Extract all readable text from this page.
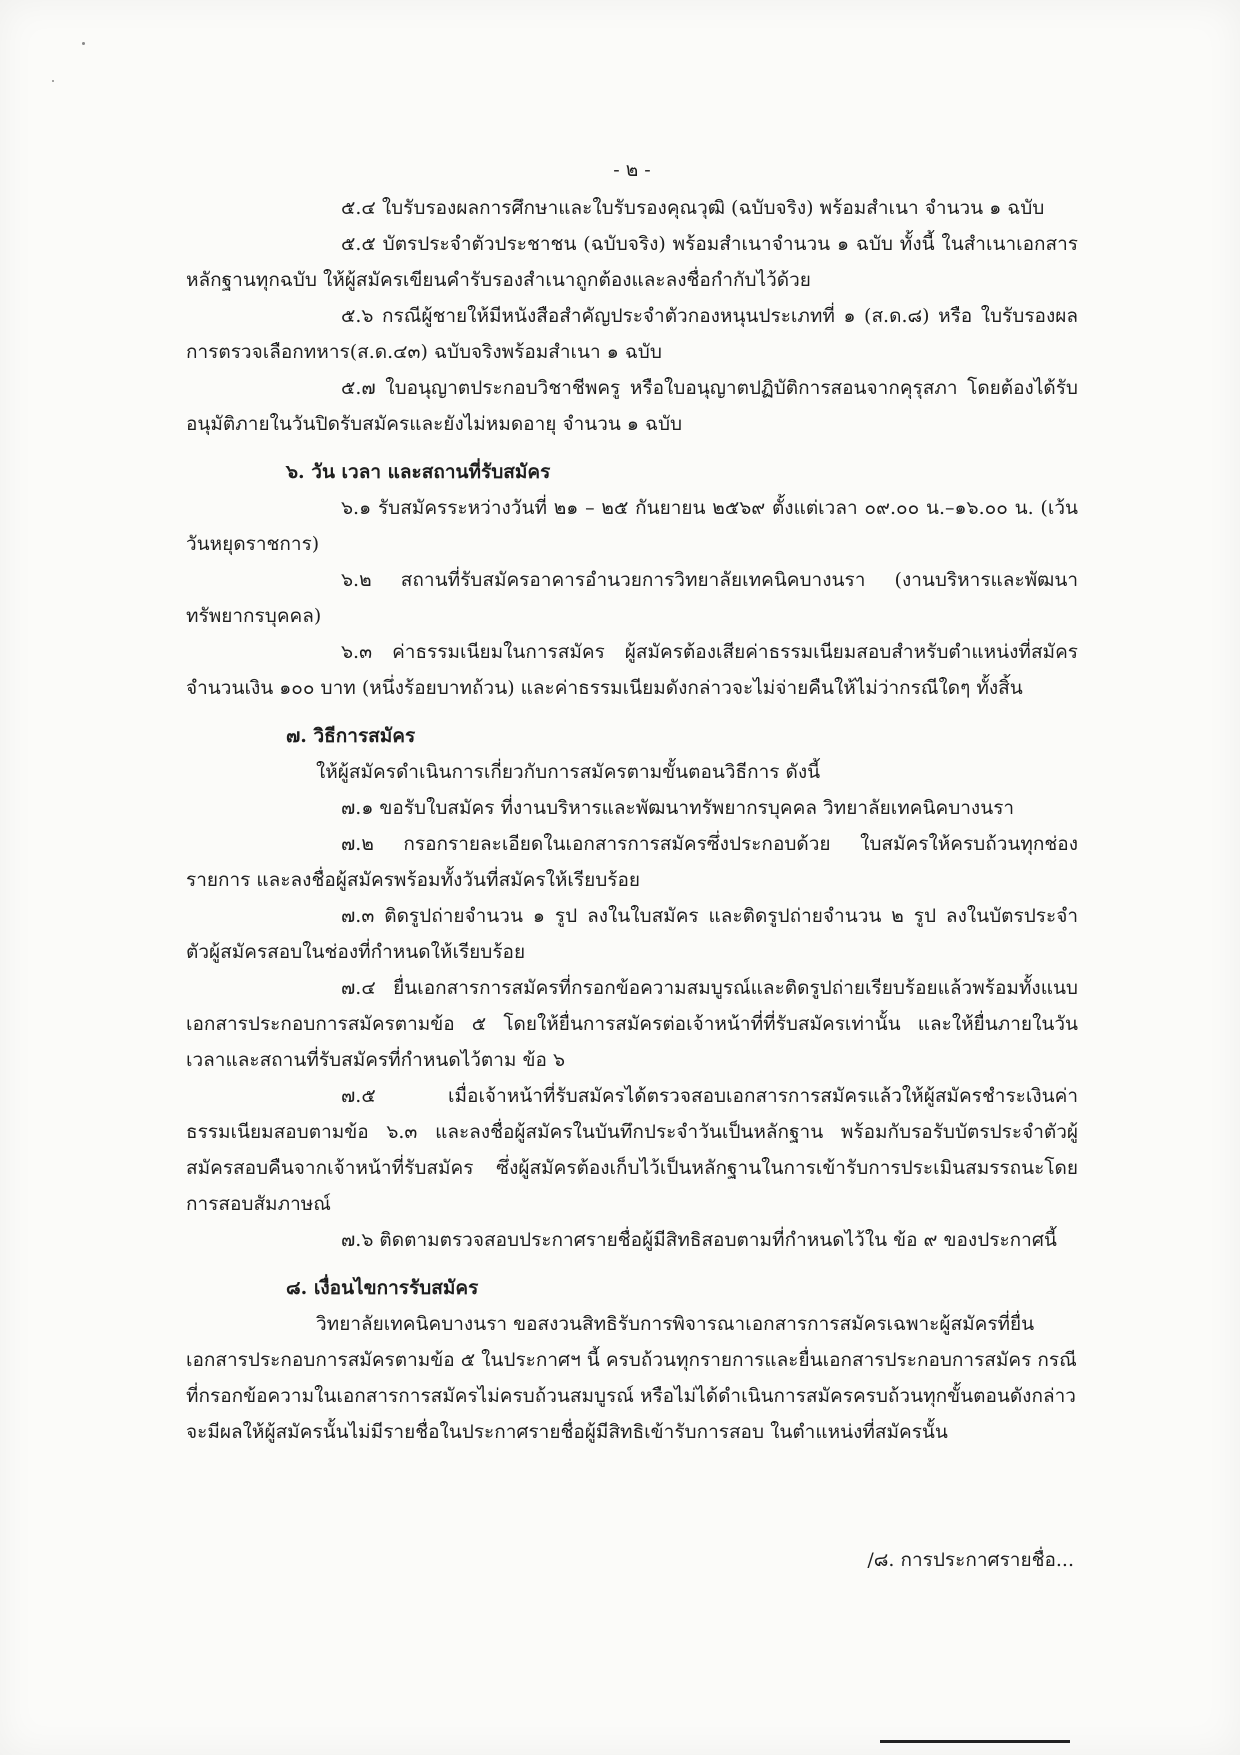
- ๒ -

๕.๔ ใบรับรองผลการศึกษาและใบรับรองคุณวุฒิ (ฉบับจริง) พร้อมสำเนา จำนวน ๑ ฉบับ

๕.๕ บัตรประจำตัวประชาชน (ฉบับจริง) พร้อมสำเนาจำนวน ๑ ฉบับ ทั้งนี้ ในสำเนาเอกสารหลักฐานทุกฉบับ ให้ผู้สมัครเขียนคำรับรองสำเนาถูกต้องและลงชื่อกำกับไว้ด้วย

๕.๖ กรณีผู้ชายให้มีหนังสือสำคัญประจำตัวกองหนุนประเภทที่ ๑ (ส.ด.๘) หรือ ใบรับรองผลการตรวจเลือกทหาร(ส.ด.๔๓) ฉบับจริงพร้อมสำเนา ๑ ฉบับ

๕.๗ ใบอนุญาตประกอบวิชาชีพครู หรือใบอนุญาตปฏิบัติการสอนจากคุรุสภา โดยต้องได้รับอนุมัติภายในวันปิดรับสมัครและยังไม่หมดอายุ จำนวน ๑ ฉบับ

๖. วัน เวลา และสถานที่รับสมัคร

๖.๑ รับสมัครระหว่างวันที่ ๒๑ – ๒๕ กันยายน ๒๕๖๙ ตั้งแต่เวลา ๐๙.๐๐ น.–๑๖.๐๐ น. (เว้นวันหยุดราชการ)

๖.๒ สถานที่รับสมัครอาคารอำนวยการวิทยาลัยเทคนิคบางนรา (งานบริหารและพัฒนาทรัพยากรบุคคล)

๖.๓ ค่าธรรมเนียมในการสมัคร ผู้สมัครต้องเสียค่าธรรมเนียมสอบสำหรับตำแหน่งที่สมัครจำนวนเงิน ๑๐๐ บาท (หนึ่งร้อยบาทถ้วน) และค่าธรรมเนียมดังกล่าวจะไม่จ่ายคืนให้ไม่ว่ากรณีใดๆ ทั้งสิ้น

๗. วิธีการสมัคร

ให้ผู้สมัครดำเนินการเกี่ยวกับการสมัครตามขั้นตอนวิธีการ ดังนี้

๗.๑ ขอรับใบสมัคร ที่งานบริหารและพัฒนาทรัพยากรบุคคล วิทยาลัยเทคนิคบางนรา

๗.๒ กรอกรายละเอียดในเอกสารการสมัครซึ่งประกอบด้วย ใบสมัครให้ครบถ้วนทุกช่องรายการ และลงชื่อผู้สมัครพร้อมทั้งวันที่สมัครให้เรียบร้อย

๗.๓ ติดรูปถ่ายจำนวน ๑ รูป ลงในใบสมัคร และติดรูปถ่ายจำนวน ๒ รูป ลงในบัตรประจำตัวผู้สมัครสอบในช่องที่กำหนดให้เรียบร้อย

๗.๔ ยื่นเอกสารการสมัครที่กรอกข้อความสมบูรณ์และติดรูปถ่ายเรียบร้อยแล้วพร้อมทั้งแนบเอกสารประกอบการสมัครตามข้อ ๕ โดยให้ยื่นการสมัครต่อเจ้าหน้าที่ที่รับสมัครเท่านั้น และให้ยื่นภายในวันเวลาและสถานที่รับสมัครที่กำหนดไว้ตาม ข้อ ๖

๗.๕ เมื่อเจ้าหน้าที่รับสมัครได้ตรวจสอบเอกสารการสมัครแล้วให้ผู้สมัครชำระเงินค่าธรรมเนียมสอบตามข้อ ๖.๓ และลงชื่อผู้สมัครในบันทึกประจำวันเป็นหลักฐาน พร้อมกับรอรับบัตรประจำตัวผู้สมัครสอบคืนจากเจ้าหน้าที่รับสมัคร ซึ่งผู้สมัครต้องเก็บไว้เป็นหลักฐานในการเข้ารับการประเมินสมรรถนะโดยการสอบสัมภาษณ์

๗.๖ ติดตามตรวจสอบประกาศรายชื่อผู้มีสิทธิสอบตามที่กำหนดไว้ใน ข้อ ๙ ของประกาศนี้

๘. เงื่อนไขการรับสมัคร

วิทยาลัยเทคนิคบางนรา ขอสงวนสิทธิรับการพิจารณาเอกสารการสมัครเฉพาะผู้สมัครที่ยื่นเอกสารประกอบการสมัครตามข้อ ๕ ในประกาศฯ นี้ ครบถ้วนทุกรายการและยื่นเอกสารประกอบการสมัคร กรณีที่กรอกข้อความในเอกสารการสมัครไม่ครบถ้วนสมบูรณ์ หรือไม่ได้ดำเนินการสมัครครบถ้วนทุกขั้นตอนดังกล่าวจะมีผลให้ผู้สมัครนั้นไม่มีรายชื่อในประกาศรายชื่อผู้มีสิทธิเข้ารับการสอบ ในตำแหน่งที่สมัครนั้น

/๘. การประกาศรายชื่อ...
